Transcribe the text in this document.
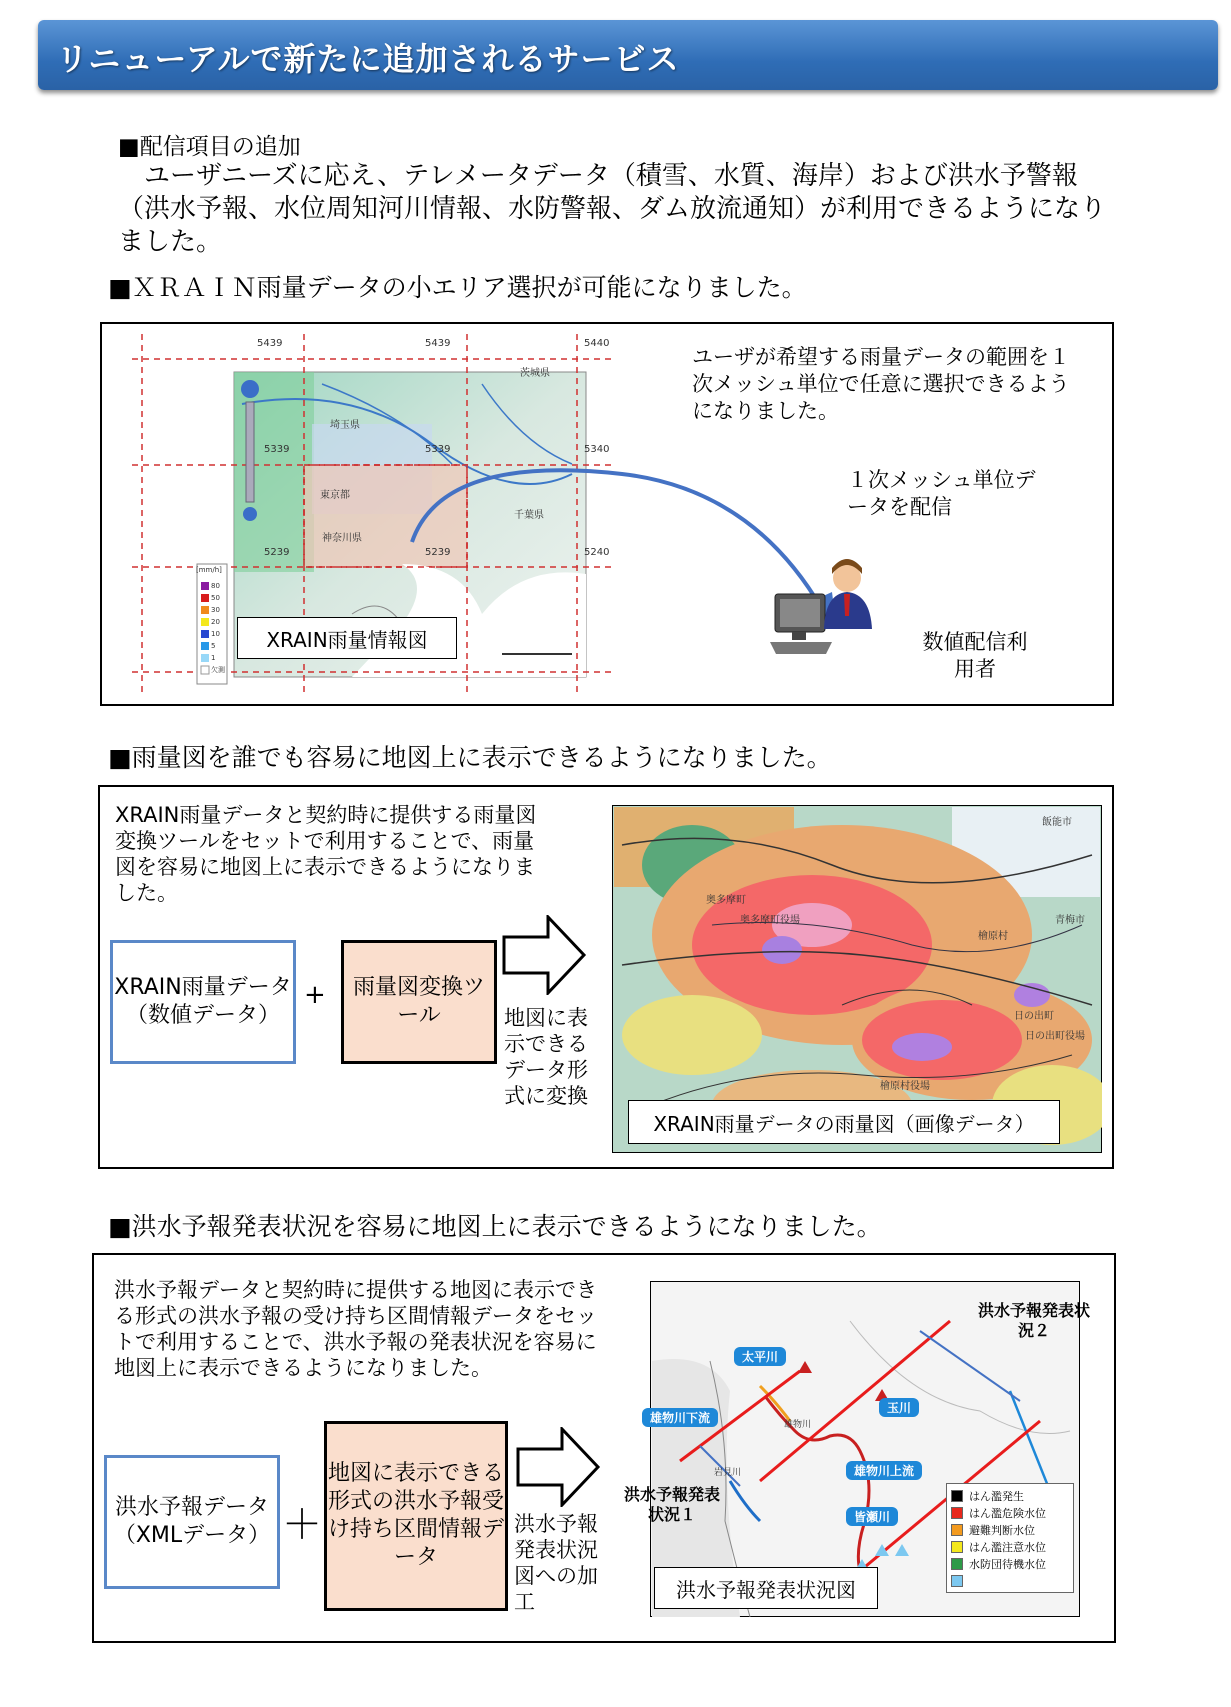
リニューアルで新たに追加されるサービス
■配信項目の追加
　ユーザニーズに応え、テレメータデータ（積雪、水質、海岸）および洪水予警報（洪水予報、水位周知河川情報、水防警報、ダム放流通知）が利用できるようになりました。
■ＸＲＡＩＮ雨量データの小エリア選択が可能になりました。
5439	5439	5440
5339	5339	5340
5239	5239	5240
茨城県
埼玉県
東京都
神奈川県
千葉県
[mm/h]
80
50
30
20
10
5
1
欠測
XRAIN雨量情報図
ユーザが希望する雨量データの範囲を１次メッシュ単位で任意に選択できるようになりました。
１次メッシュ単位データを配信
数値配信利用者
■雨量図を誰でも容易に地図上に表示できるようになりました。
XRAIN雨量データと契約時に提供する雨量図変換ツールをセットで利用することで、雨量図を容易に地図上に表示できるようになりました。
XRAIN雨量データ（数値データ）
+	雨量図変換ツール	地図に表示できるデータ形式に変換
飯能市
奥多摩町
奥多摩町役場	青梅市
檜原村
日の出町
日の出町役場
檜原村役場
XRAIN雨量データの雨量図（画像データ）
■洪水予報発表状況を容易に地図上に表示できるようになりました。
洪水予報データと契約時に提供する地図に表示できる形式の洪水予報の受け持ち区間情報データをセットで利用することで、洪水予報の発表状況を容易に地図上に表示できるようになりました。
洪水予報データ（XMLデータ） ＋
地図に表示できる形式の洪水予報受け持ち区間情報データ
洪水予報発表状況図への加工
太平川
雄物川下流
玉川
雄物川上流
皆瀬川
雄物川
岩見川
洪水予報発表状況１
洪水予報発表状況２
はん濫発生
はん濫危険水位
避難判断水位
はん濫注意水位
水防団待機水位
洪水予報発表状況図
